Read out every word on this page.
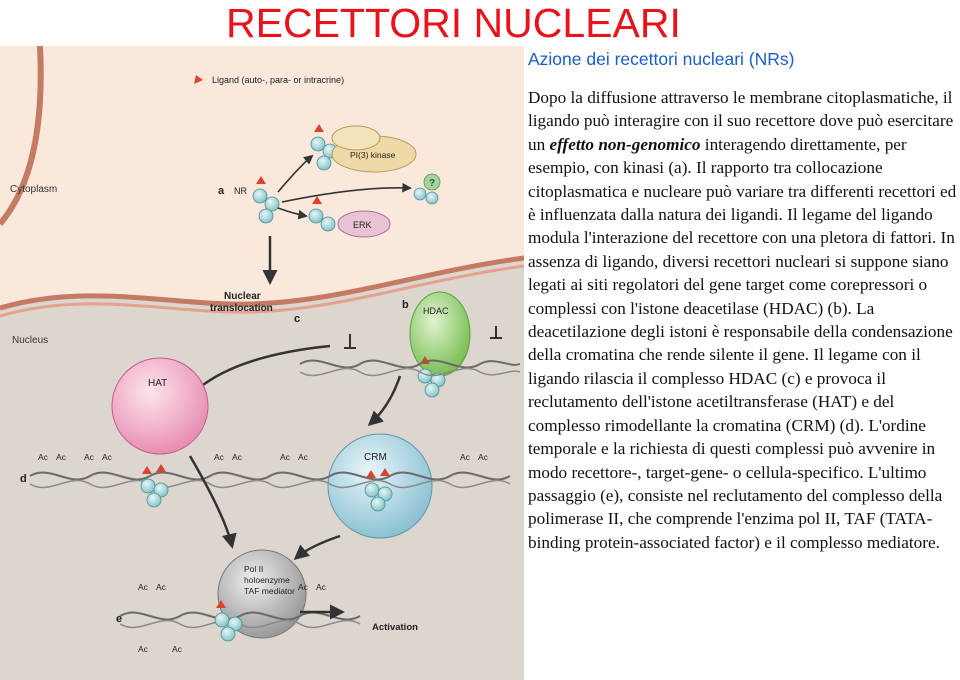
RECETTORI NUCLEARI
Ligand (auto-, para- or intracrine)
Cytoplasm
Nucleus
Nuclear
translocation
a
b
c
d
e
NR
PI(3) kinase
ERK
?
HDAC
HAT
CRM
Ac Ac Ac Ac	Ac Ac	Ac Ac	Ac Ac
Pol II
holoenzyme
TAF mediator
Ac Ac
Ac	Ac
Ac Ac
Activation
Azione dei recettori nucleari (NRs)
Dopo la diffusione attraverso le membrane citoplasmatiche, il ligando può interagire con il suo recettore dove può esercitare un effetto non-genomico interagendo direttamente, per esempio, con kinasi (a). Il rapporto tra collocazione citoplasmatica e nucleare può variare tra differenti recettori ed è influenzata dalla natura dei ligandi. Il legame del ligando modula l'interazione del recettore con una pletora di fattori. In assenza di ligando, diversi recettori nucleari si suppone siano legati ai siti regolatori del gene target come corepressori o complessi con l'istone deacetilase (HDAC) (b). La deacetilazione degli istoni è responsabile della condensazione della cromatina che rende silente il gene. Il legame con il ligando rilascia il complesso HDAC (c) e provoca il reclutamento dell'istone acetiltransferase (HAT) e del complesso rimodellante la cromatina (CRM) (d). L'ordine temporale e la richiesta di questi complessi può avvenire in modo recettore-, target-gene- o cellula-specifico. L'ultimo passaggio (e), consiste nel reclutamento del complesso della polimerase II, che comprende l'enzima pol II, TAF (TATA-binding protein-associated factor) e il complesso mediatore.
